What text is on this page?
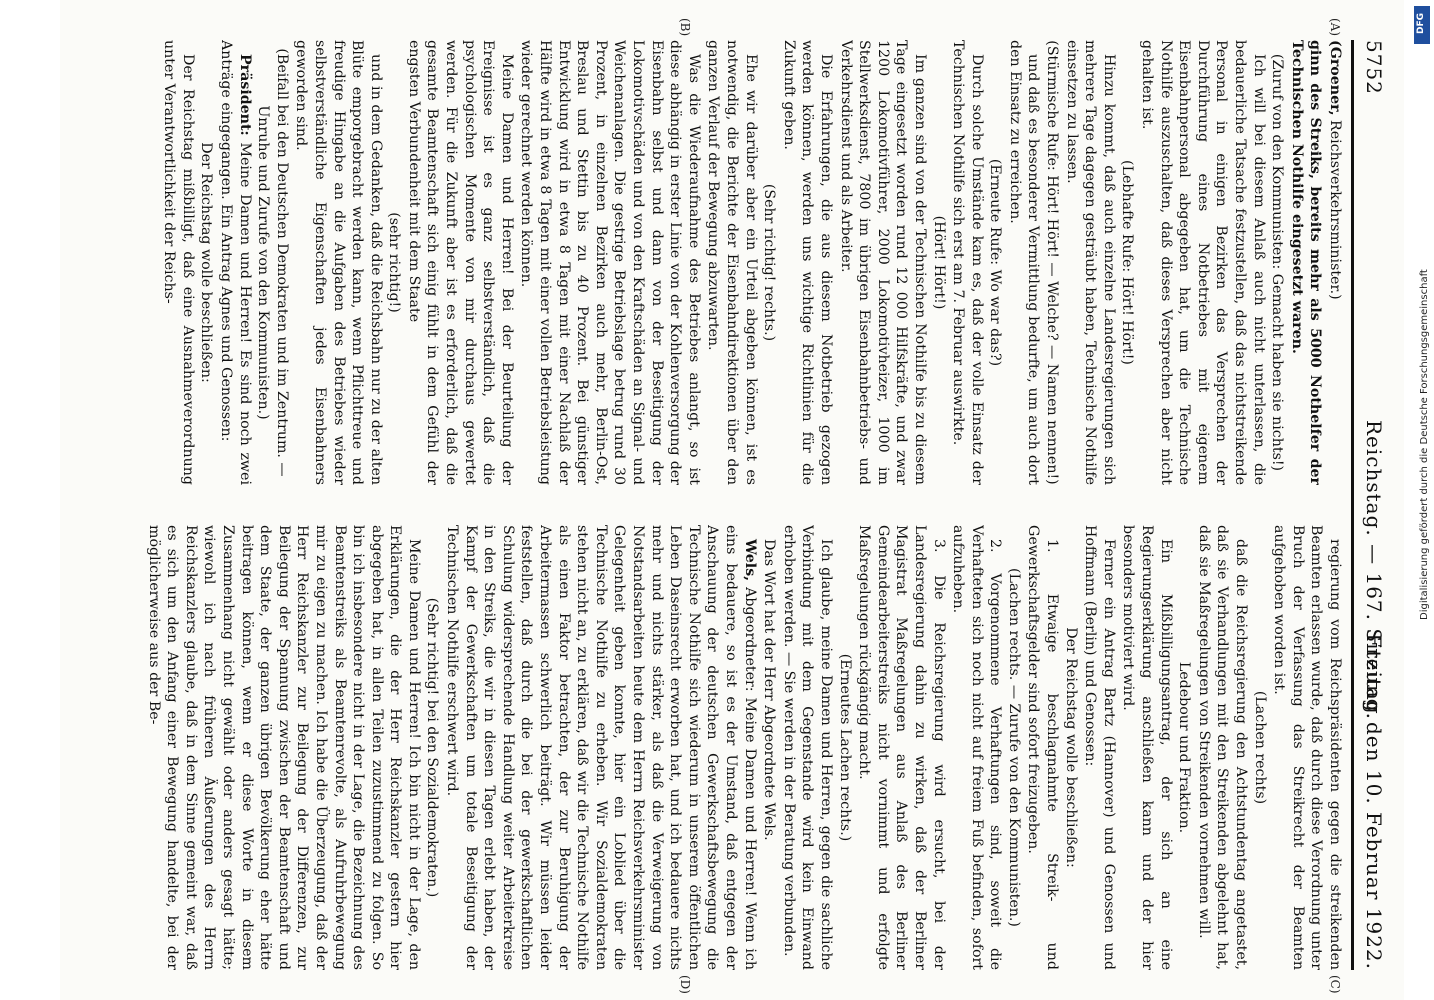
5752
Reichstag. — 167. Sitzung.
Freitag den 10. Februar 1922.
(A)
(B)
(C)
(D)

(Groener, Reichsverkehrsminister.)

ginn des Streiks, bereits mehr als 5000 Nothelfer der Technischen Nothilfe eingesetzt waren.

(Zuruf von den Kommunisten: Gemacht haben sie nichts!)

Ich will bei diesem Anlaß auch nicht unterlassen, die bedauerliche Tatsache festzustellen, daß das nichtstreikende Personal in einigen Bezirken das Versprechen der Durchführung eines Notbetriebes mit eigenem Eisenbahnpersonal abgegeben hat, um die Technische Nothilfe auszuschalten, daß dieses Versprechen aber nicht gehalten ist.

(Lebhafte Rufe: Hört! Hört!)

Hinzu kommt, daß auch einzelne Landesregierungen sich mehrere Tage dagegen gesträubt haben, Technische Nothilfe einsetzen zu lassen.

(Stürmische Rufe: Hört! Hört! — Welche? — Namen nennen!)

und daß es besonderer Vermittlung bedurfte, um auch dort den Einsatz zu erreichen.

(Erneute Rufe: Wo war das?)

Durch solche Umstände kam es, daß der volle Einsatz der Technischen Nothilfe sich erst am 7. Februar auswirkte.

(Hört! Hört!)

Im ganzen sind von der Technischen Nothilfe bis zu diesem Tage eingesetzt worden rund 12 000 Hilfskräfte, und zwar 1200 Lokomotivführer, 2000 Lokomotivheizer, 1000 im Stellwerksdienst, 7800 im übrigen Eisenbahnbetriebs- und Verkehrsdienst und als Arbeiter.

Die Erfahrungen, die aus diesem Notbetrieb gezogen werden können, werden uns wichtige Richtlinien für die Zukunft geben.

(Sehr richtig! rechts.)

Ehe wir darüber aber ein Urteil abgeben können, ist es notwendig, die Berichte der Eisenbahndirektionen über den ganzen Verlauf der Bewegung abzuwarten.

Was die Wiederaufnahme des Betriebes anlangt, so ist diese abhängig in erster Linie von der Kohlenversorgung der Eisenbahn selbst und dann von der Beseitigung der Lokomotivschäden und von den Kraftschäden an Signal- und Weichenanlagen. Die gestrige Betriebslage betrug rund 30 Prozent, in einzelnen Bezirken auch mehr, Berlin-Ost, Breslau und Stettin bis zu 40 Prozent. Bei günstiger Entwicklung wird in etwa 8 Tagen mit einer Nachlaß der Hälfte wird in etwa 8 Tagen mit einer vollen Betriebsleistung wieder gerechnet werden können.

Meine Damen und Herren! Bei der Beurteilung der Ereignisse ist es ganz selbstverständlich, daß die psychologischen Momente von mir durchaus gewertet werden. Für die Zukunft aber ist es erforderlich, daß die gesamte Beamtenschaft sich einig fühlt in dem Gefühl der engsten Verbundenheit mit dem Staate

(sehr richtig!)

und in dem Gedanken, daß die Reichsbahn nur zu der alten Blüte emporgebracht werden kann, wenn Pflichttreue und freudige Hingabe an die Aufgaben des Betriebes wieder selbstverständliche Eigenschaften jedes Eisenbahners geworden sind.

(Beifall bei den Deutschen Demokraten und im Zentrum. — Unruhe und Zurufe von den Kommunisten.)

Präsident: Meine Damen und Herren! Es sind noch zwei Anträge eingegangen. Ein Antrag Agnes und Genossen:

Der Reichstag wolle beschließen:

Der Reichstag mißbilligt, daß eine Ausnahmeverordnung unter Verantwortlichkeit der Reichs-

regierung vom Reichspräsidenten gegen die streikenden Beamten erlassen wurde, daß durch diese Verordnung unter Bruch der Verfassung das Streikrecht der Beamten aufgehoben worden ist.

(Lachen rechts)

daß die Reichsregierung den Achtstundentag angetastet, daß sie Verhandlungen mit den Streikenden abgelehnt hat, daß sie Maßregelungen von Streikenden vornehmen will.

Ledebour und Fraktion.

Ein Mißbilligungsantrag, der sich an eine Regierungserklärung anschließen kann und der hier besonders motiviert wird.

Ferner ein Antrag Bartz (Hannover) und Genossen und Hoffmann (Berlin) und Genossen:

Der Reichstag wolle beschließen:

1. Etwaige beschlagnahmte Streik- und Gewerkschaftsgelder sind sofort freizugeben.

(Lachen rechts. — Zurufe von den Kommunisten.)

2. Vorgenommene Verhaftungen sind, soweit die Verhafteten sich noch nicht auf freiem Fuß befinden, sofort aufzuheben.

3. Die Reichsregierung wird ersucht, bei der Landesregierung dahin zu wirken, daß der Berliner Magistrat Maßregelungen aus Anlaß des Berliner Gemeindearbeiterstreiks nicht vornimmt und erfolgte Maßregelungen rückgängig macht.

(Erneutes Lachen rechts.)

Ich glaube, meine Damen und Herren, gegen die sachliche Verbindung mit dem Gegenstande wird kein Einwand erhoben werden. — Sie werden in der Beratung verbunden.

Das Wort hat der Herr Abgeordnete Wels.

Wels, Abgeordneter: Meine Damen und Herren! Wenn ich eins bedauere, so ist es der Umstand, daß entgegen der Anschauung der deutschen Gewerkschaftsbewegung die Technische Nothilfe sich wiederum in unserem öffentlichen Leben Daseinsrecht erworben hat, und ich bedauere nichts mehr und nichts stärker, als daß die Verweigerung von Notstandsarbeiten heute dem Herrn Reichsverkehrsminister Gelegenheit geben konnte, hier ein Loblied über die Technische Nothilfe zu erheben. Wir Sozialdemokraten stehen nicht an, zu erklären, daß wir die Technische Nothilfe als einen Faktor betrachten, der zur Beruhigung der Arbeitermassen schwerlich beiträgt. Wir müssen leider feststellen, daß durch die bei der gewerkschaftlichen Schulung widersprechende Handlung weiter Arbeiterkreise in den Streiks, die wir in diesen Tagen erlebt haben, der Kampf der Gewerkschaften um totale Beseitigung der Technischen Nothilfe erschwert wird.

(Sehr richtig! bei den Sozialdemokraten.)

Meine Damen und Herren! Ich bin nicht in der Lage, den Erklärungen, die der Herr Reichskanzler gestern hier abgegeben hat, in allen Teilen zuzustimmend zu folgen. So bin ich insbesondere nicht in der Lage, die Bezeichnung des Beamtenstreiks als Beamtenrevolte, als Aufruhrbewegung mir zu eigen zu machen. Ich habe die Überzeugung, daß der Herr Reichskanzler zur Beilegung der Differenzen, zur Beilegung der Spannung zwischen der Beamtenschaft und dem Staate, der ganzen übrigen Bevölkerung eher hätte beitragen können, wenn er diese Worte in diesem Zusammenhang nicht gewählt oder anders gesagt hätte; wiewohl ich nach früheren Äußerungen des Herrn Reichskanzlers glaube, daß in dem Sinne gemeint war, daß es sich um den Anfang einer Bewegung handelte, bei der möglicherweise aus der Be-

DFG
Digitalisierung gefördert durch die Deutsche Forschungsgemeinschaft
